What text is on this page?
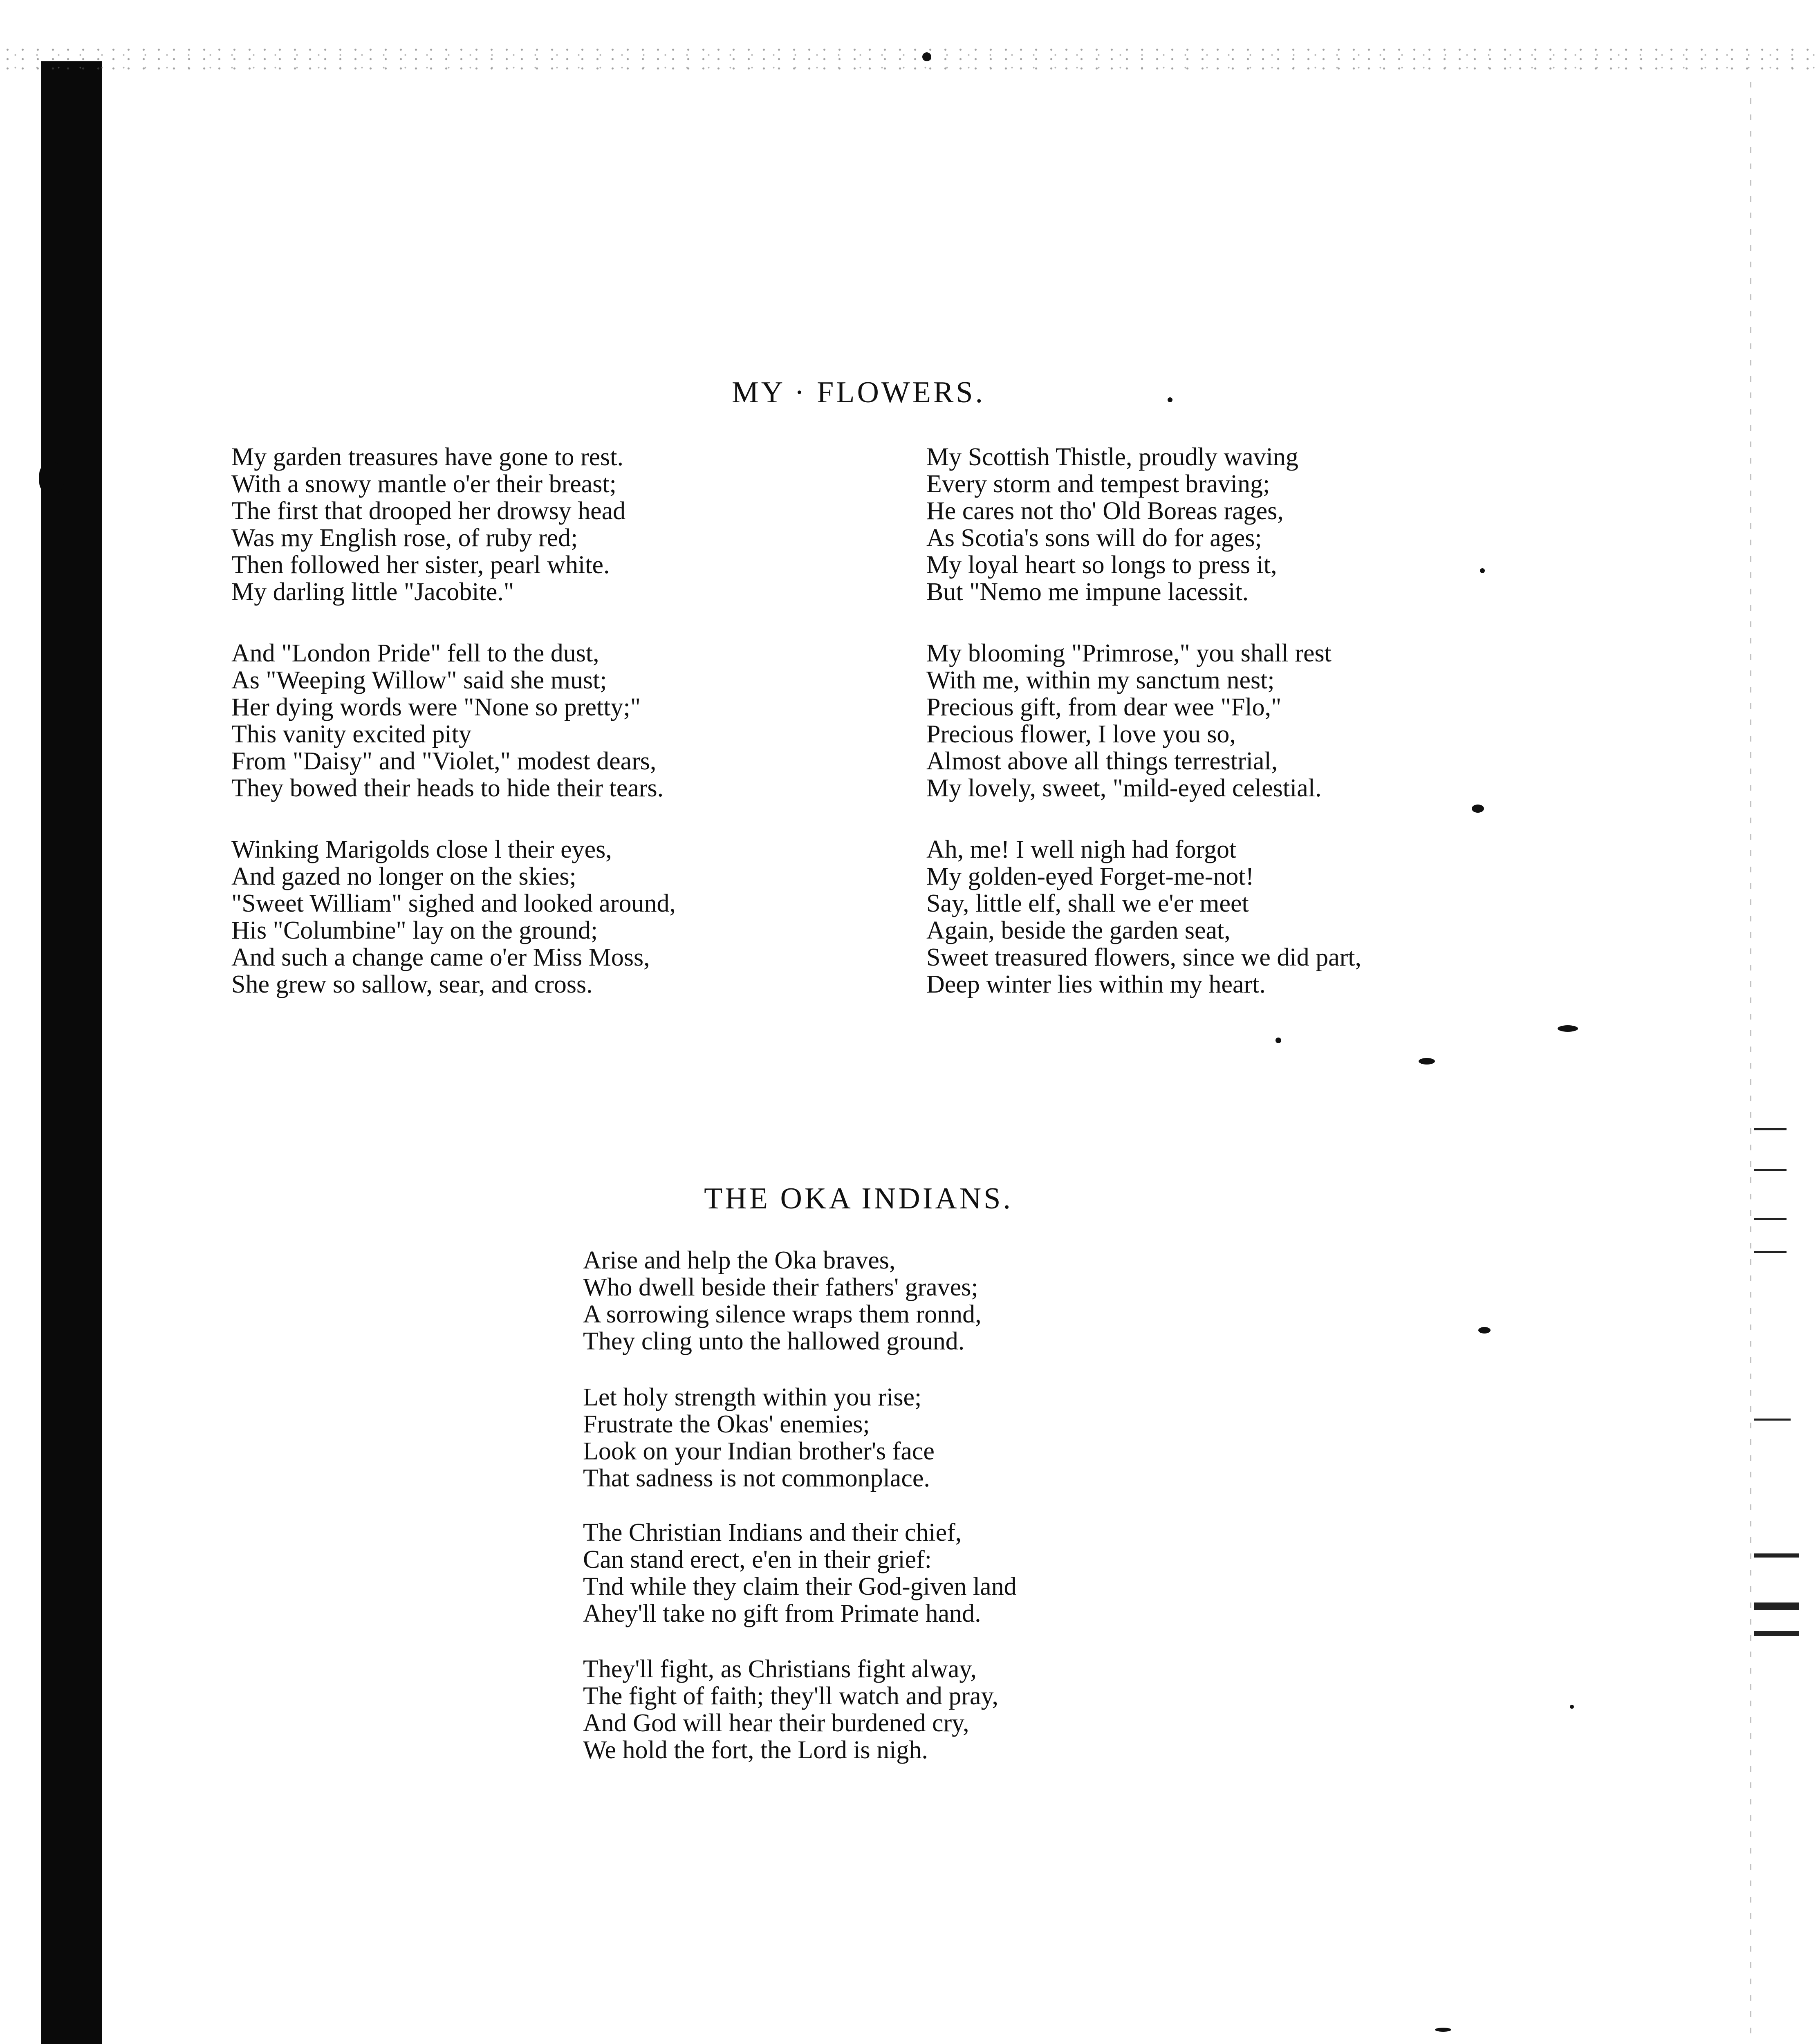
MY · FLOWERS.
My garden treasures have gone to rest.
With a snowy mantle o'er their breast;
The first that drooped her drowsy head
Was my English rose, of ruby red;
Then followed her sister, pearl white.
My darling little "Jacobite."
And "London Pride" fell to the dust,
As "Weeping Willow" said she must;
Her dying words were "None so pretty;"
This vanity excited pity
From "Daisy" and "Violet," modest dears,
They bowed their heads to hide their tears.
Winking Marigolds close l their eyes,
And gazed no longer on the skies;
"Sweet William" sighed and looked around,
His "Columbine" lay on the ground;
And such a change came o'er Miss Moss,
She grew so sallow, sear, and cross.
My Scottish Thistle, proudly waving
Every storm and tempest braving;
He cares not tho' Old Boreas rages,
As Scotia's sons will do for ages;
My loyal heart so longs to press it,
But "Nemo me impune lacessit.
My blooming "Primrose," you shall rest
With me, within my sanctum nest;
Precious gift, from dear wee "Flo,"
Precious flower, I love you so,
Almost above all things terrestrial,
My lovely, sweet, "mild-eyed celestial.
Ah, me! I well nigh had forgot
My golden-eyed Forget-me-not!
Say, little elf, shall we e'er meet
Again, beside the garden seat,
Sweet treasured flowers, since we did part,
Deep winter lies within my heart.
THE OKA INDIANS.
Arise and help the Oka braves,
Who dwell beside their fathers' graves;
A sorrowing silence wraps them ronnd,
They cling unto the hallowed ground.
Let holy strength within you rise;
Frustrate the Okas' enemies;
Look on your Indian brother's face
That sadness is not commonplace.
The Christian Indians and their chief,
Can stand erect, e'en in their grief:
Tnd while they claim their God-given land
Ahey'll take no gift from Primate hand.
They'll fight, as Christians fight alway,
The fight of faith; they'll watch and pray,
And God will hear their burdened cry,
We hold the fort, the Lord is nigh.
